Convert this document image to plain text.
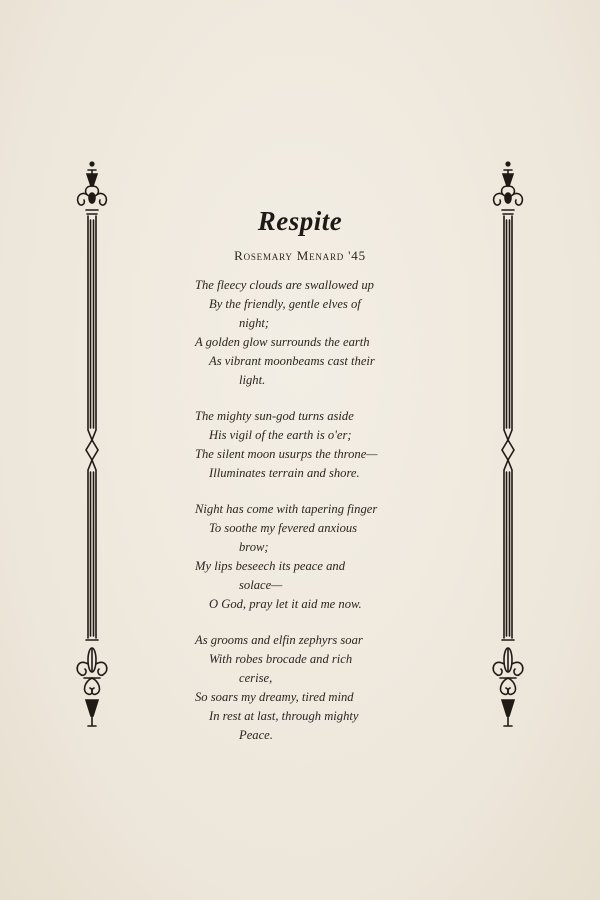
Respite
Rosemary Menard '45
The fleecy clouds are swallowed up
By the friendly, gentle elves of
night;
A golden glow surrounds the earth
As vibrant moonbeams cast their
light.
The mighty sun-god turns aside
His vigil of the earth is o'er;
The silent moon usurps the throne—
Illuminates terrain and shore.
Night has come with tapering finger
To soothe my fevered anxious
brow;
My lips beseech its peace and
solace—
O God, pray let it aid me now.
As grooms and elfin zephyrs soar
With robes brocade and rich
cerise,
So soars my dreamy, tired mind
In rest at last, through mighty
Peace.
